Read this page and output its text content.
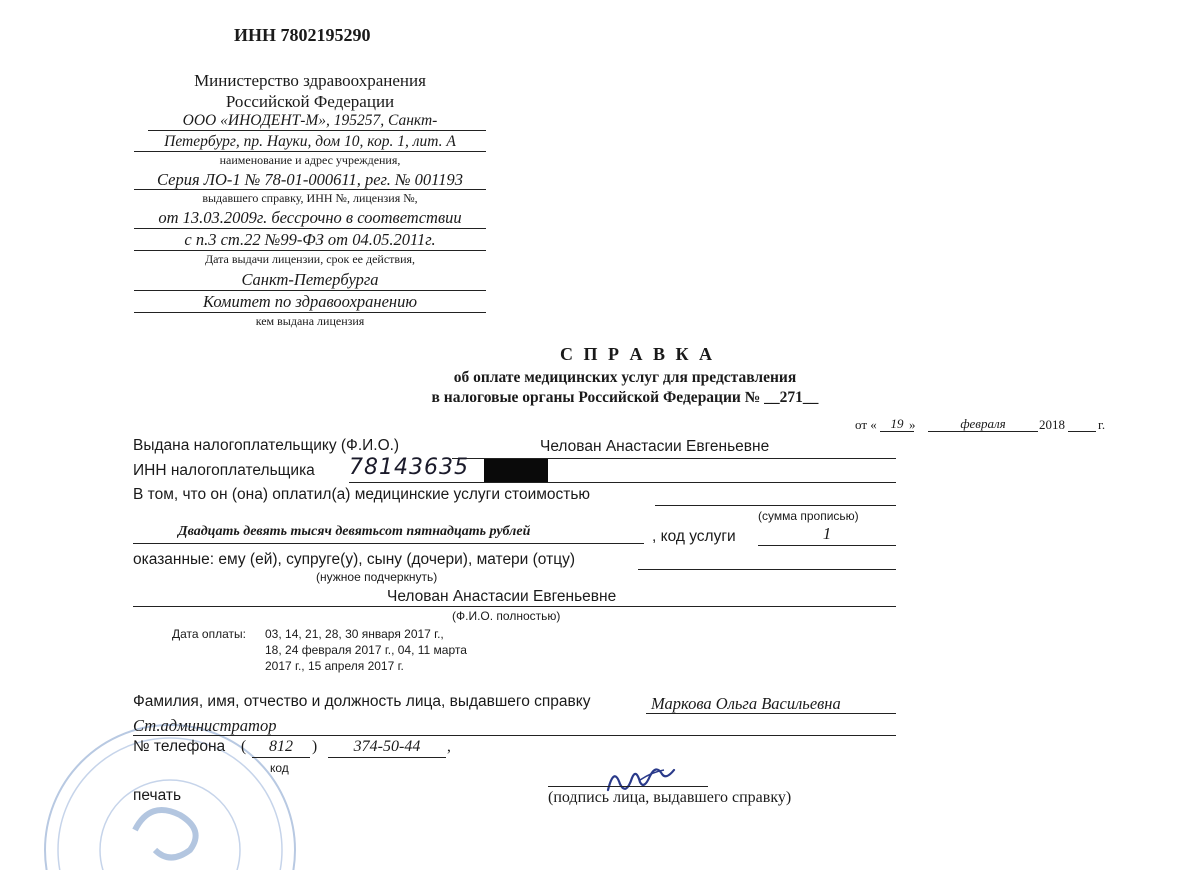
ИНН 7802195290
Министерство здравоохранения
Российской Федерации
ООО «ИНОДЕНТ-М», 195257, Санкт-
Петербург, пр. Науки, дом 10, кор. 1, лит. А
наименование и адрес учреждения,
Серия ЛО-1 № 78-01-000611, рег. № 001193
выдавшего справку, ИНН №, лицензия №,
от 13.03.2009г. бессрочно в соответствии
с п.3 ст.22 №99-ФЗ от 04.05.2011г.
Дата выдачи лицензии, срок ее действия,
Санкт-Петербурга
Комитет по здравоохранению
кем выдана лицензия
С П Р А В К А
об оплате медицинских услуг для представления
в налоговые органы Российской Федерации № __271__
от «	19 »	февраля	2018	г.
Выдана налогоплательщику (Ф.И.О.)	Челован Анастасии Евгеньевне
ИНН налогоплательщика 78143635
В том, что он (она) оплатил(а) медицинские услуги стоимостью
(сумма прописью)
Двадцать девять тысяч девятьсот пятнадцать рублей	, код услуги	1
оказанные: ему (ей), супруге(у), сыну (дочери), матери (отцу)
(нужное подчеркнуть)
Челован Анастасии Евгеньевне
(Ф.И.О. полностью)
Дата оплаты: 03, 14, 21, 28, 30 января 2017 г.,
18, 24 февраля 2017 г., 04, 11 марта
2017 г., 15 апреля 2017 г.
Фамилия, имя, отчество и должность лица, выдавшего справку	Маркова Ольга Васильевна
Ст.администратор
№ телефона (	812	)	374-50-44	,
код
печать	(подпись лица, выдавшего справку)
